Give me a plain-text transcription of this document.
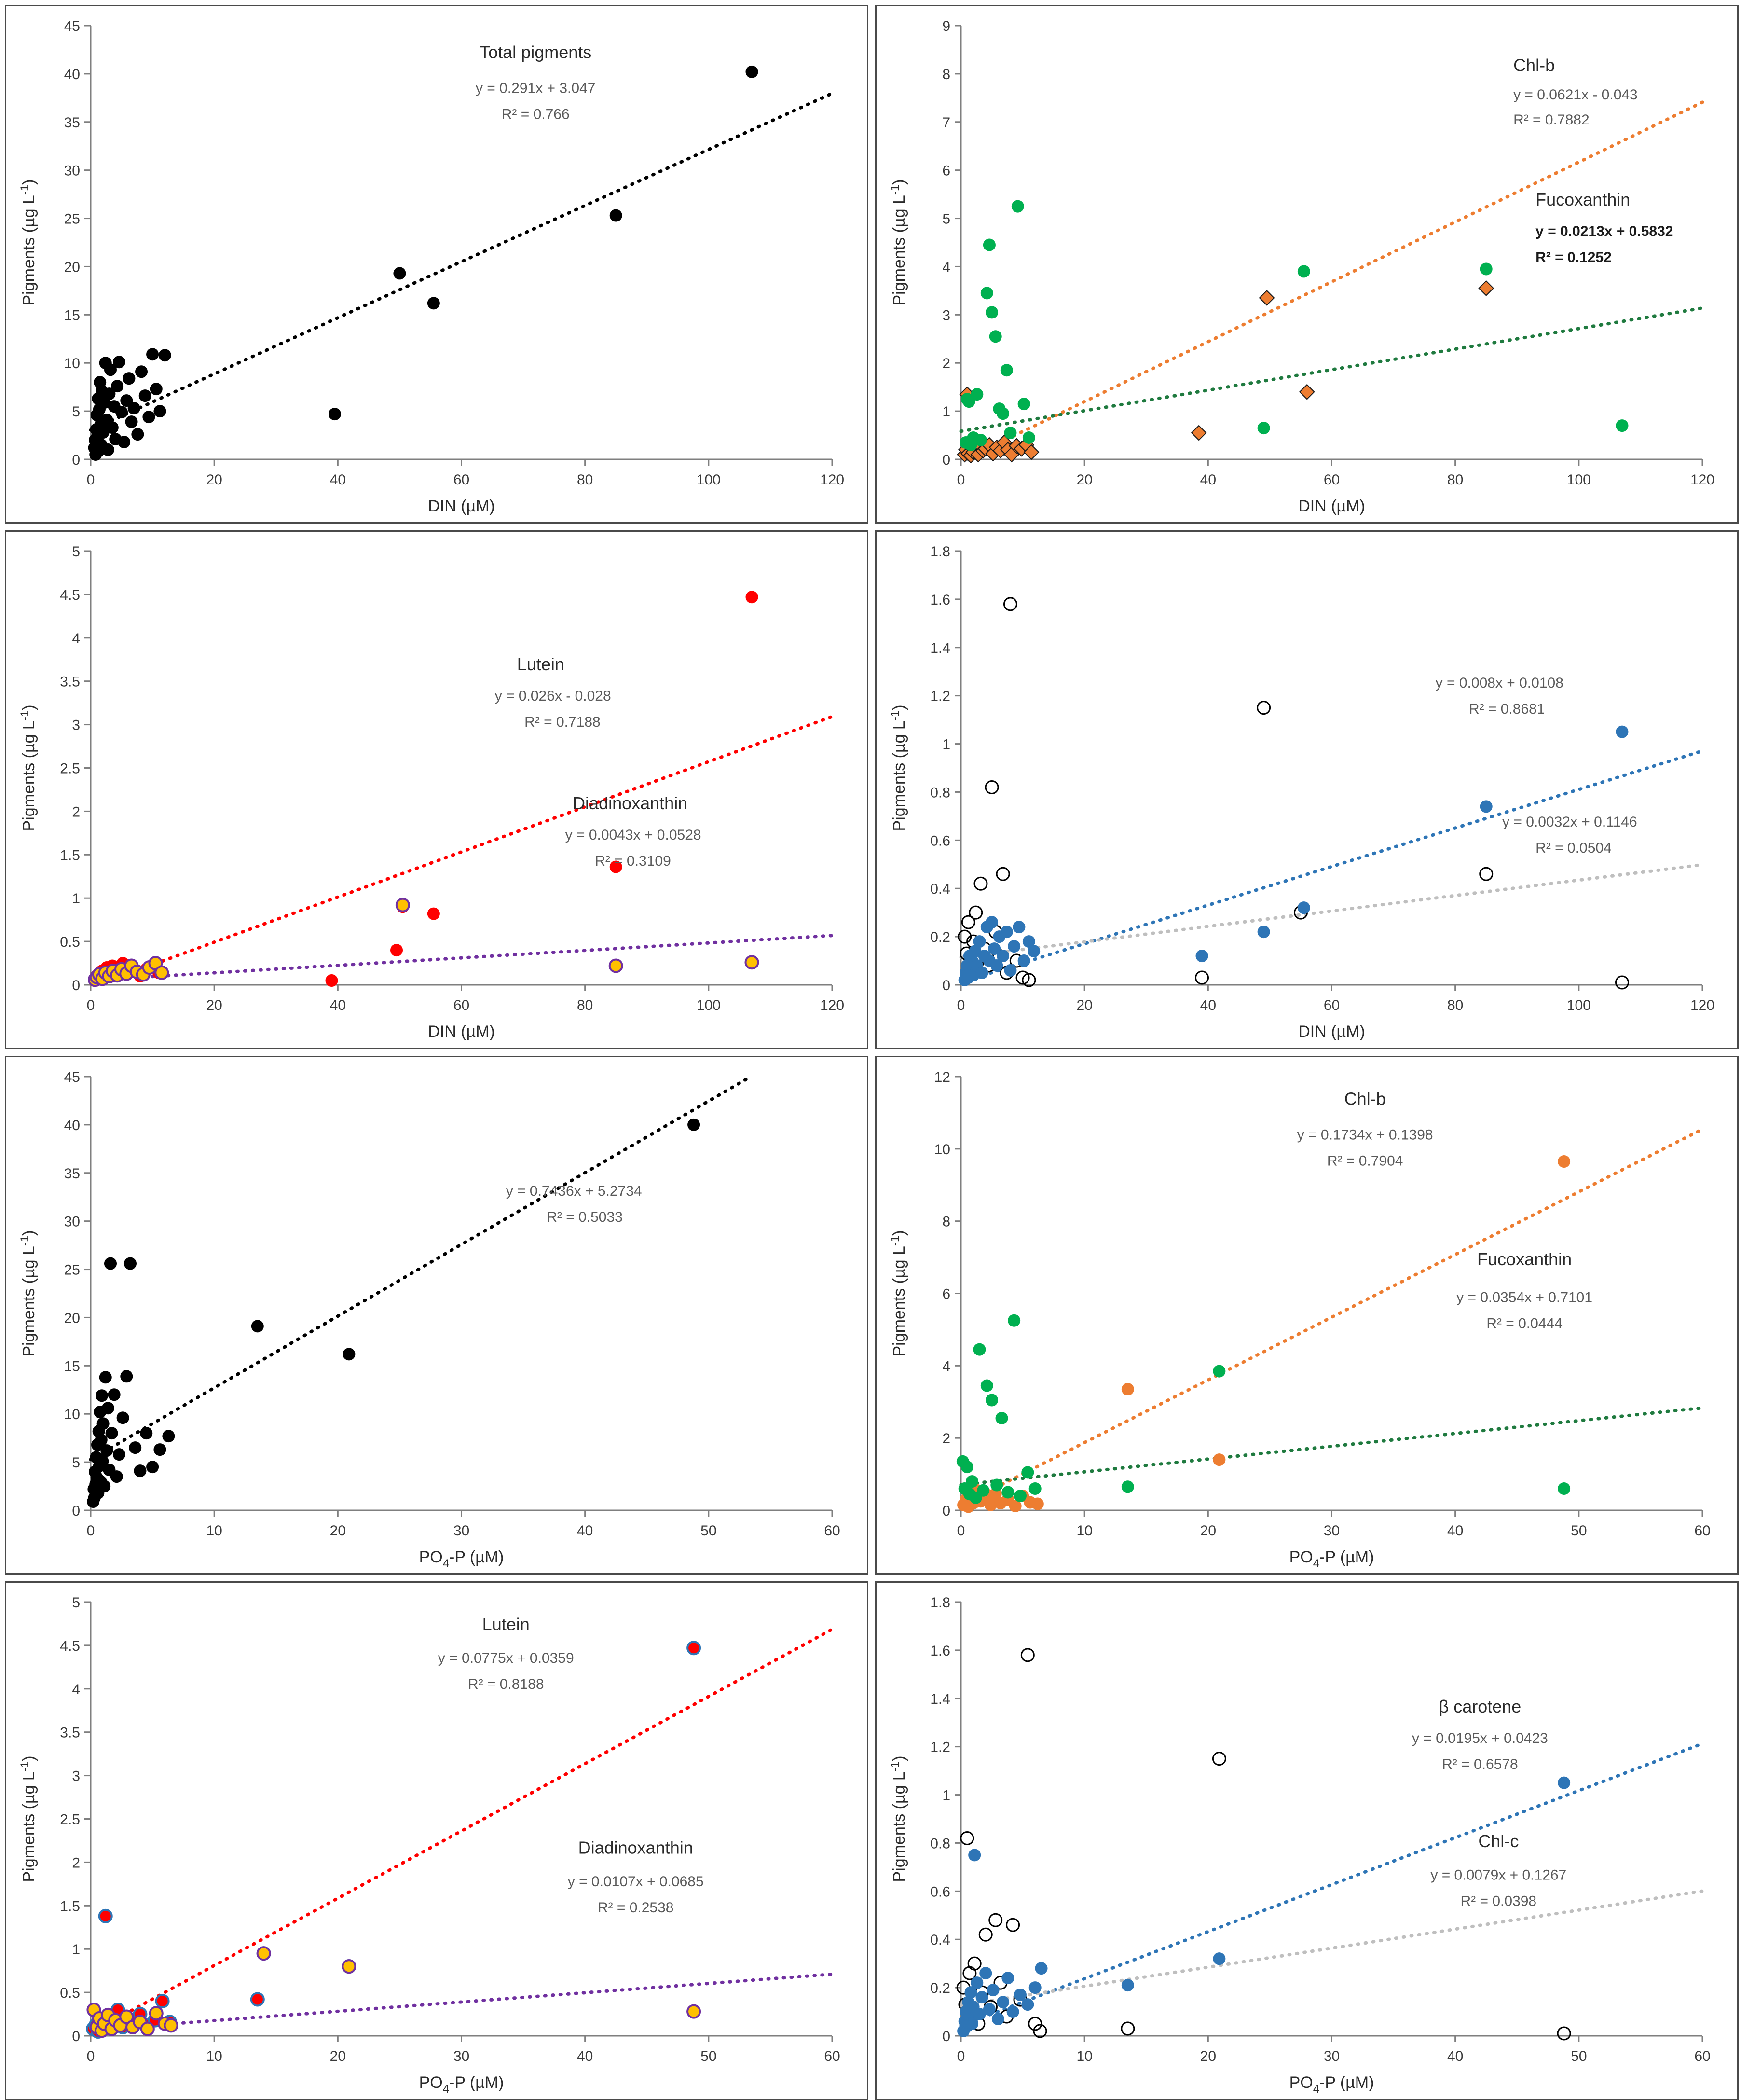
0
5
10
15
20
25
30
35
40
45
0	20	40	60	80	100	120
DIN (µM)
Pigments (µg $L^{-1}$)
Total pigments
y = 0.291x + 3.047
R² = 0.766
0
1
2
3
4
5
6
7
8
9
0	20	40	60	80	100	120
DIN (µM)
Pigments (µg $L^{-1}$)
Chl-b
y = 0.0621x - 0.043
R² = 0.7882
Fucoxanthin
y = 0.0213x + 0.5832
R² = 0.1252
0
0.5
1
1.5
2
2.5
3
3.5
4
4.5
5
0	20	40	60	80	100	120
DIN (µM)
Pigments (µg $L^{-1}$)
Lutein
y = 0.026x - 0.028
R² = 0.7188
Diadinoxanthin
y = 0.0043x + 0.0528
R² = 0.3109
0
0.2
0.4
0.6
0.8
1
1.2
1.4
1.6
1.8
0	20	40	60	80	100	120
DIN (µM)
Pigments (µg $L^{-1}$)
y = 0.008x + 0.0108
R² = 0.8681
y = 0.0032x + 0.1146
R² = 0.0504
0
5
10
15
20
25
30
35
40
45
0	10	20	30	40	50	60
$PO_4-P$ (µM)
Pigments (µg $L^{-1}$)
y = 0.7436x + 5.2734
R² = 0.5033
0
2
4
6
8
10
12
0	10	20	30	40	50	60
$PO_4-P$ (µM)
Pigments (µg $L^{-1}$)
Chl-b
y = 0.1734x + 0.1398
R² = 0.7904
Fucoxanthin
y = 0.0354x + 0.7101
R² = 0.0444
0
0.5
1
1.5
2
2.5
3
3.5
4
4.5
5
0	10	20	30	40	50	60
$PO_4-P$ (µM)
Pigments (µg $L^{-1}$)
Lutein
y = 0.0775x + 0.0359
R² = 0.8188
Diadinoxanthin
y = 0.0107x + 0.0685
R² = 0.2538
0
0.2
0.4
0.6
0.8
1
1.2
1.4
1.6
1.8
0	10	20	30	40	50	60
$PO_4-P$ (µM)
Pigments (µg $L^{-1}$)
β carotene
y = 0.0195x + 0.0423
R² = 0.6578
Chl-c
y = 0.0079x + 0.1267
R² = 0.0398
